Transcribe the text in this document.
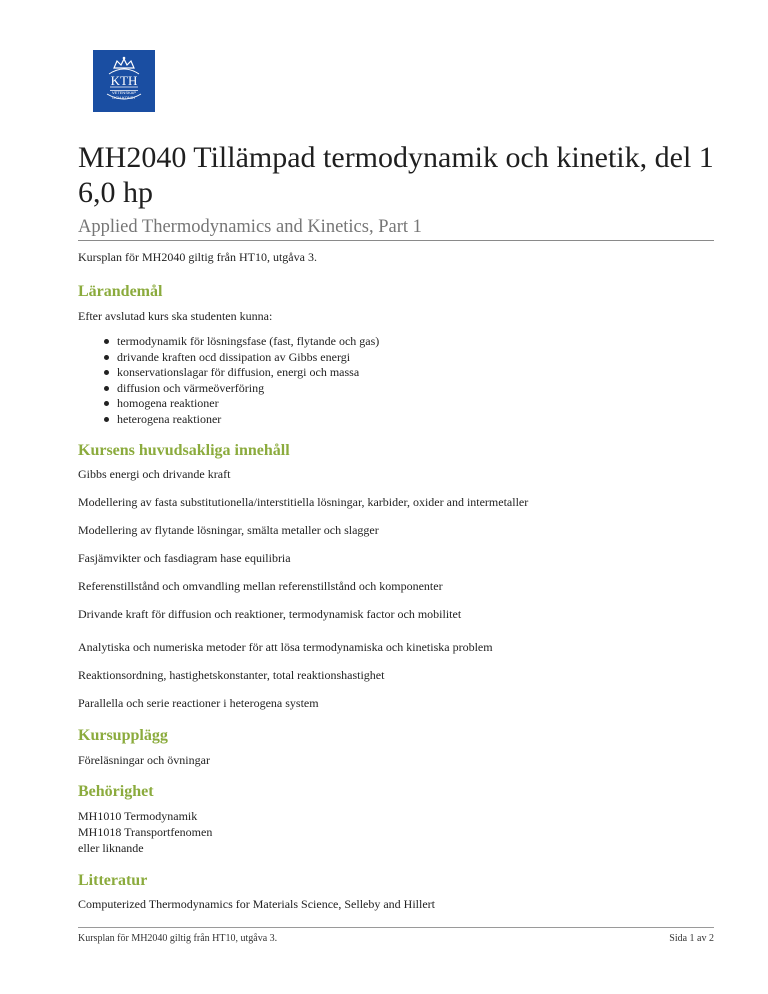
KTH
VETENSKAP
OCH KONST
MH2040 Tillämpad termodynamik och kinetik, del 1
6,0 hp
Applied Thermodynamics and Kinetics, Part 1

Kursplan för MH2040 giltig från HT10, utgåva 3.

Lärandemål

Efter avslutad kurs ska studenten kunna:

termodynamik för lösningsfase (fast, flytande och gas)
drivande kraften ocd dissipation av Gibbs energi
konservationslagar för diffusion, energi och massa
diffusion och värmeöverföring
homogena reaktioner
heterogena reaktioner
Kursens huvudsakliga innehåll

Gibbs energi och drivande kraft

Modellering av fasta substitutionella/interstitiella lösningar, karbider, oxider and intermetaller

Modellering av flytande lösningar, smälta metaller och slagger

Fasjämvikter och fasdiagram hase equilibria

Referenstillstånd och omvandling mellan referenstillstånd och komponenter

Drivande kraft för diffusion och reaktioner, termodynamisk factor och mobilitet

Analytiska och numeriska metoder för att lösa termodynamiska och kinetiska problem

Reaktionsordning, hastighetskonstanter, total reaktionshastighet

Parallella och serie reactioner i heterogena system

Kursupplägg

Föreläsningar och övningar

Behörighet
MH1010 Termodynamik
MH1018 Transportfenomen
eller liknande
Litteratur

Computerized Thermodynamics for Materials Science, Selleby and Hillert

Kursplan för MH2040 giltig från HT10, utgåva 3.	Sida 1 av 2
